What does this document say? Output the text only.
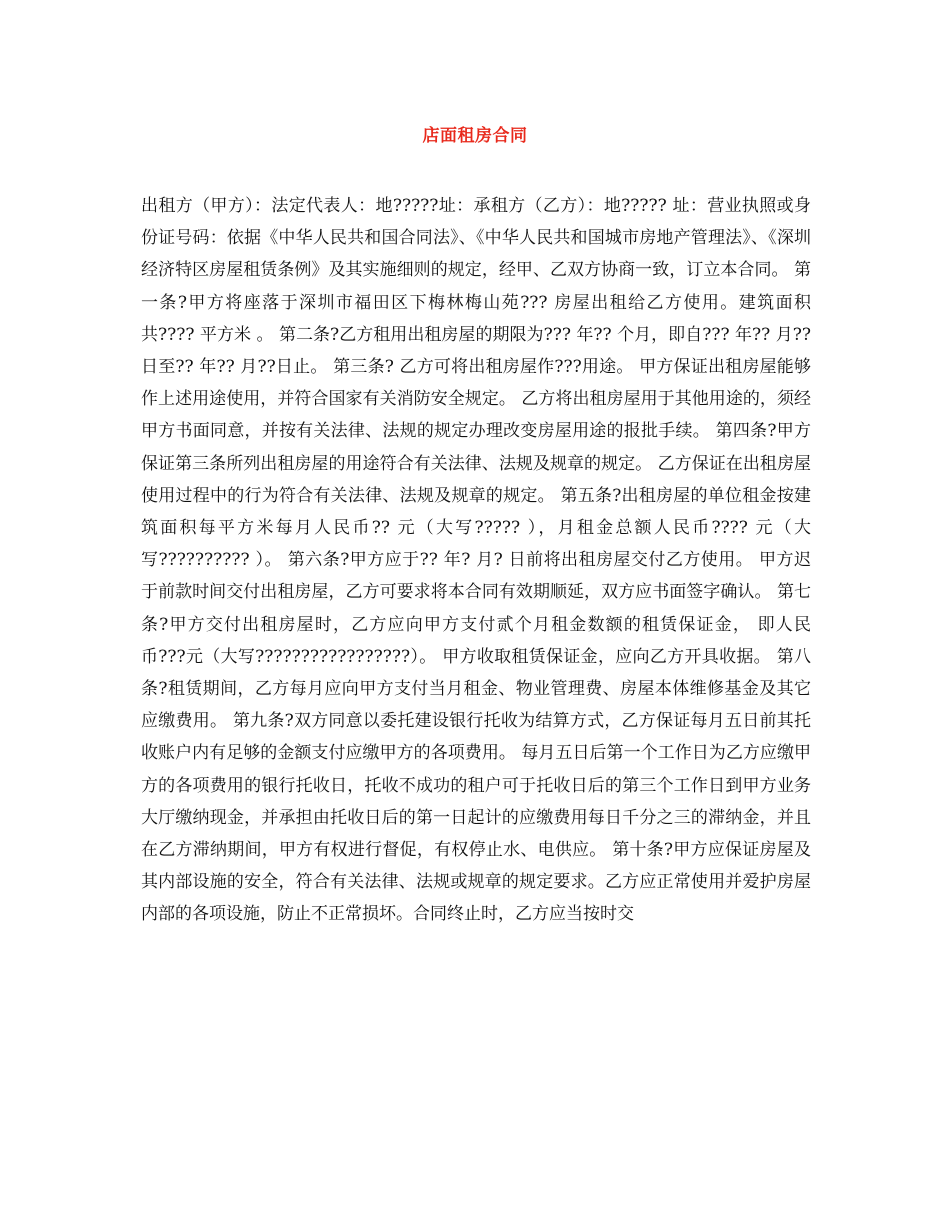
店面租房合同
出租方（甲方）：法定代表人：地?????址：承租方（乙方）：地????? 址：营业执照或身份证号码：依据《中华人民共和国合同法》、《中华人民共和国城市房地产管理法》、《深圳经济特区房屋租赁条例》及其实施细则的规定，经甲、乙双方协商一致，订立本合同。 第一条?甲方将座落于深圳市福田区下梅林梅山苑??? 房屋出租给乙方使用。建筑面积共???? 平方米 。 第二条?乙方租用出租房屋的期限为??? 年?? 个月，即自??? 年?? 月?? 日至?? 年?? 月??日止。 第三条? 乙方可将出租房屋作???用途。 甲方保证出租房屋能够作上述用途使用，并符合国家有关消防安全规定。 乙方将出租房屋用于其他用途的，须经甲方书面同意，并按有关法律、法规的规定办理改变房屋用途的报批手续。 第四条?甲方保证第三条所列出租房屋的用途符合有关法律、法规及规章的规定。 乙方保证在出租房屋使用过程中的行为符合有关法律、法规及规章的规定。 第五条?出租房屋的单位租金按建筑面积每平方米每月人民币?? 元（大写????? ），月租金总额人民币???? 元（大写?????????? ）。 第六条?甲方应于?? 年? 月? 日前将出租房屋交付乙方使用。 甲方迟于前款时间交付出租房屋，乙方可要求将本合同有效期顺延，双方应书面签字确认。 第七条?甲方交付出租房屋时，乙方应向甲方支付贰个月租金数额的租赁保证金， 即人民币???元（大写?????????????????）。 甲方收取租赁保证金，应向乙方开具收据。 第八条?租赁期间，乙方每月应向甲方支付当月租金、物业管理费、房屋本体维修基金及其它应缴费用。 第九条?双方同意以委托建设银行托收为结算方式，乙方保证每月五日前其托收账户内有足够的金额支付应缴甲方的各项费用。 每月五日后第一个工作日为乙方应缴甲方的各项费用的银行托收日，托收不成功的租户可于托收日后的第三个工作日到甲方业务大厅缴纳现金，并承担由托收日后的第一日起计的应缴费用每日千分之三的滞纳金，并且在乙方滞纳期间，甲方有权进行督促，有权停止水、电供应。 第十条?甲方应保证房屋及其内部设施的安全，符合有关法律、法规或规章的规定要求。乙方应正常使用并爱护房屋内部的各项设施，防止不正常损坏。合同终止时，乙方应当按时交
